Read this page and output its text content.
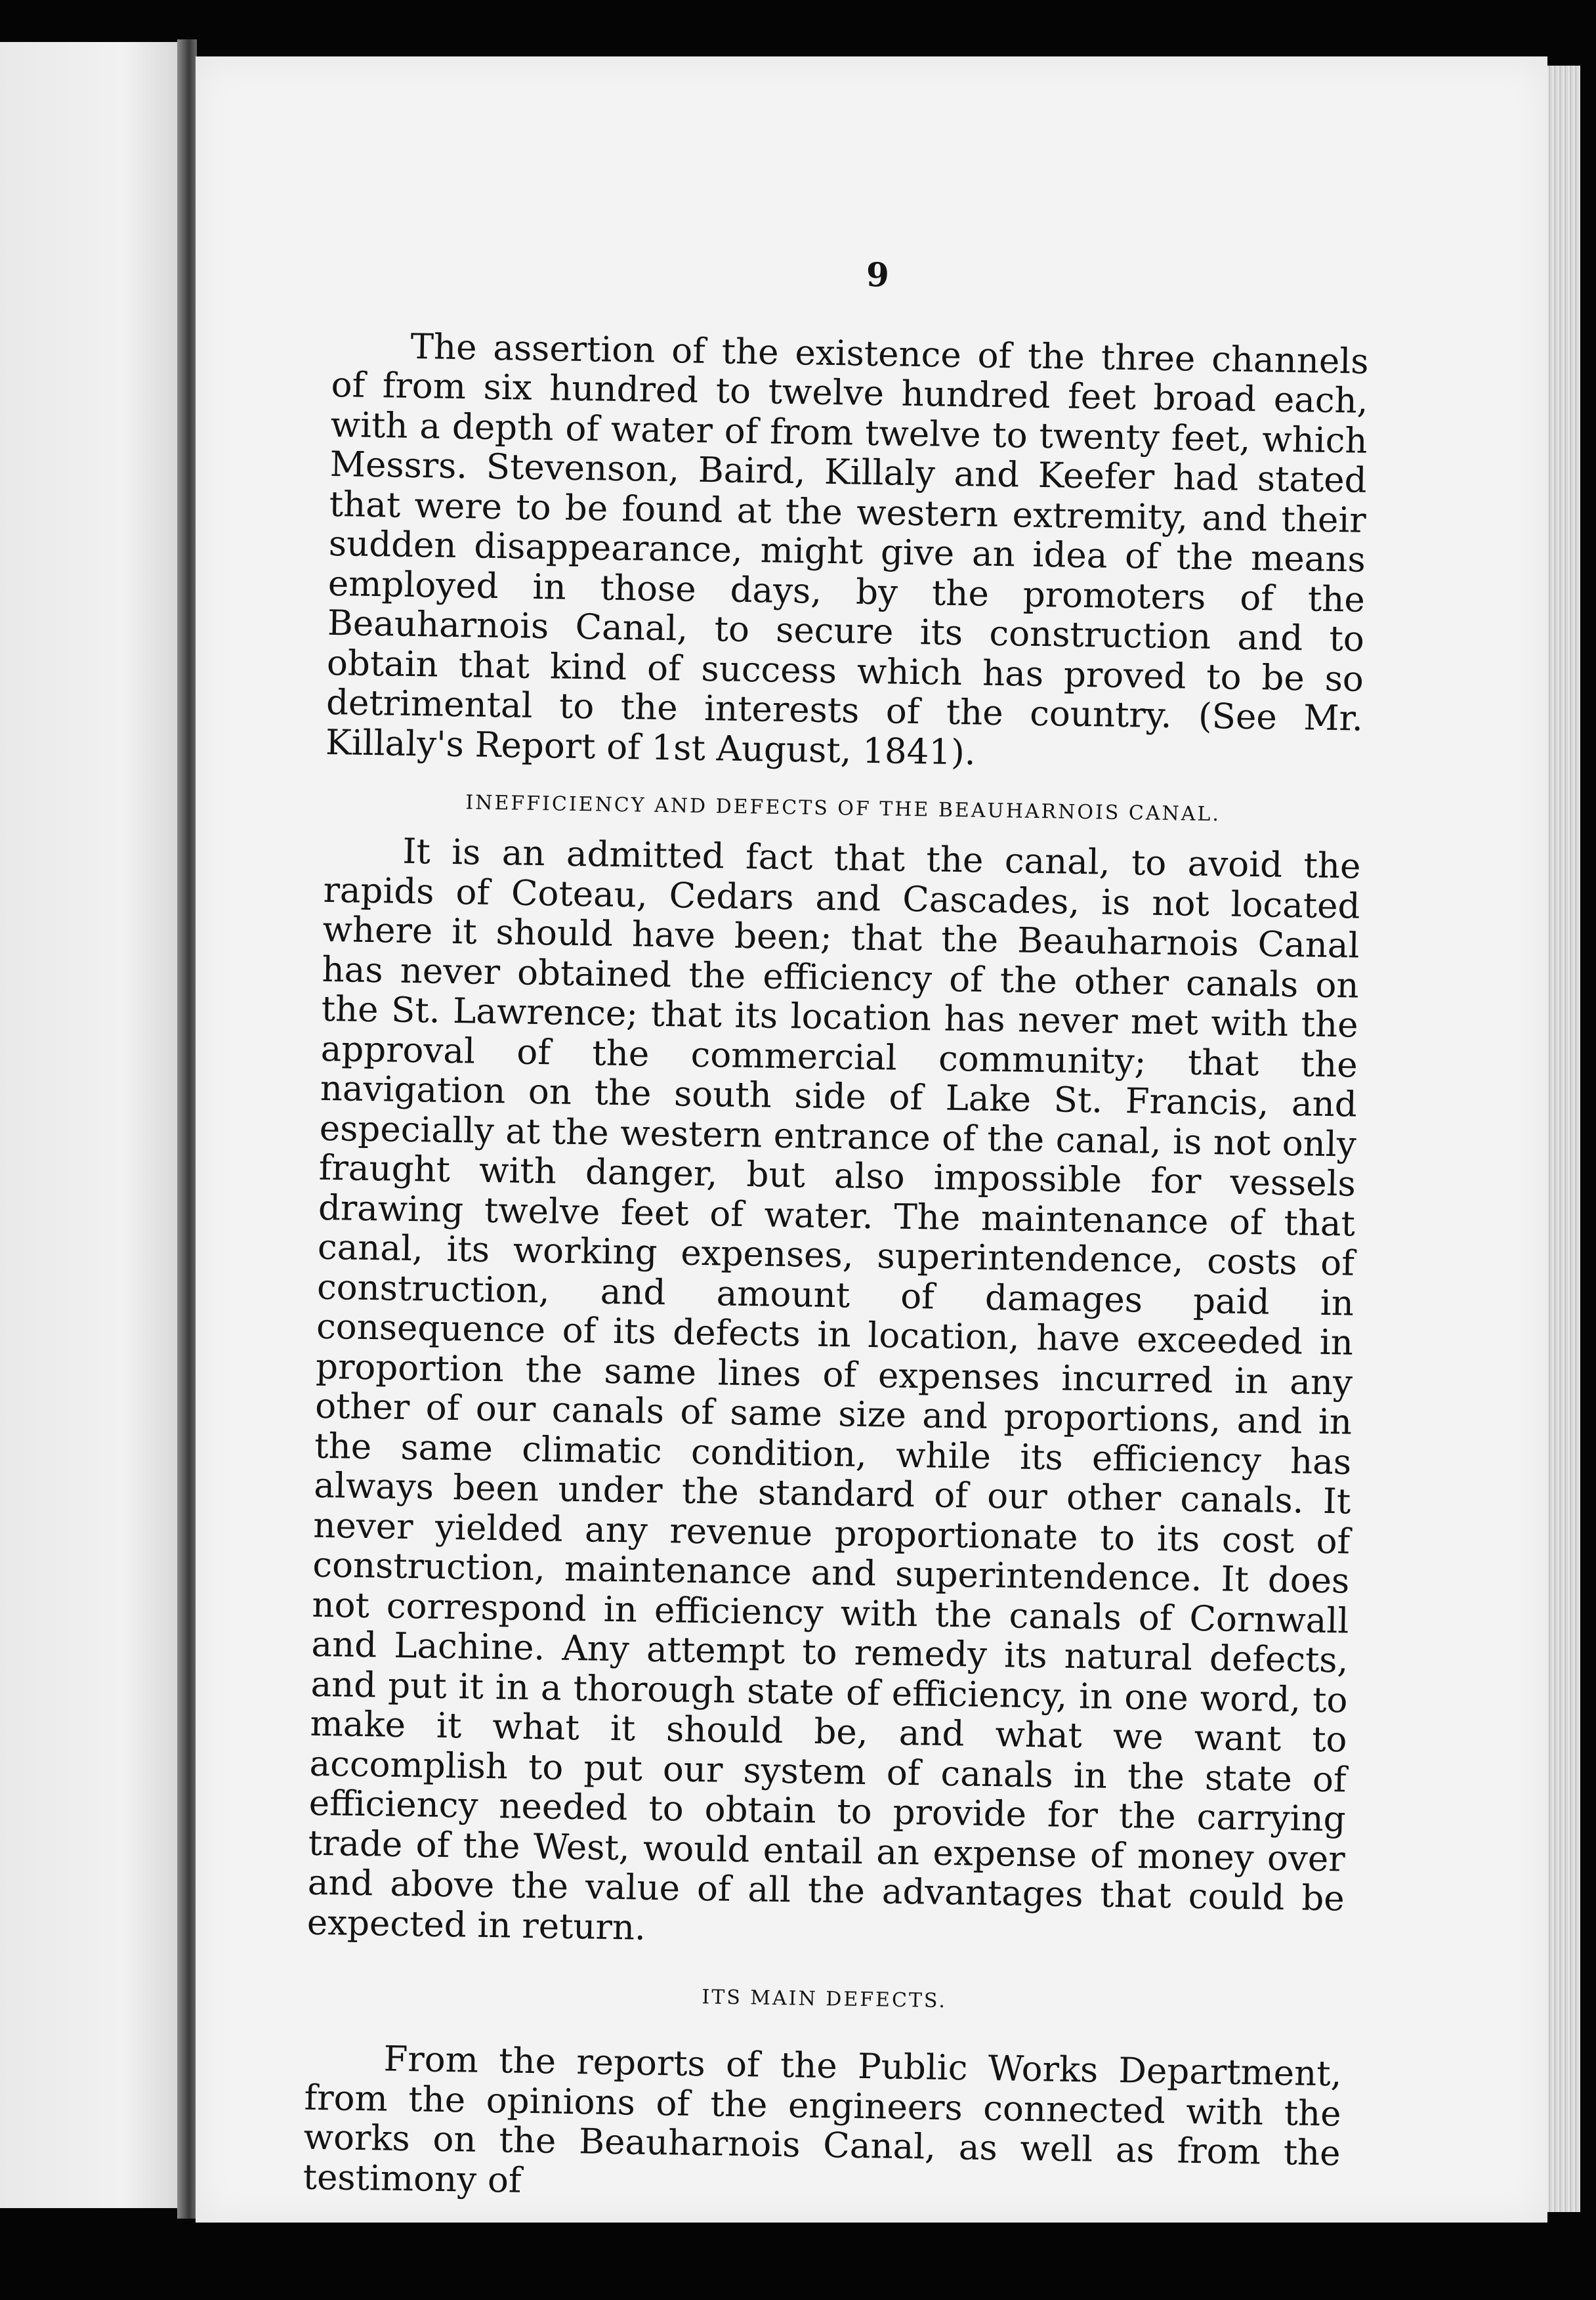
9

The assertion of the existence of the three channels of from six hundred to twelve hundred feet broad each, with a depth of water of from twelve to twenty feet, which Messrs. Stevenson, Baird, Killaly and Keefer had stated that were to be found at the western extremity, and their sudden disappearance, might give an idea of the means employed in those days, by the promoters of the Beauharnois Canal, to secure its construction and to obtain that kind of success which has proved to be so detrimental to the interests of the country. (See Mr. Killaly's Report of 1st August, 1841).

INEFFICIENCY AND DEFECTS OF THE BEAUHARNOIS CANAL.

It is an admitted fact that the canal, to avoid the rapids of Coteau, Cedars and Cascades, is not located where it should have been; that the Beauharnois Canal has never obtained the efficiency of the other canals on the St. Lawrence; that its location has never met with the approval of the commercial community; that the navigation on the south side of Lake St. Francis, and especially at the western entrance of the canal, is not only fraught with danger, but also impossible for vessels drawing twelve feet of water. The maintenance of that canal, its working expenses, superintendence, costs of construction, and amount of damages paid in consequence of its defects in location, have exceeded in proportion the same lines of expenses incurred in any other of our canals of same size and proportions, and in the same climatic condition, while its efficiency has always been under the standard of our other canals. It never yielded any revenue proportionate to its cost of construction, maintenance and superintendence. It does not correspond in efficiency with the canals of Cornwall and Lachine. Any attempt to remedy its natural defects, and put it in a thorough state of efficiency, in one word, to make it what it should be, and what we want to accomplish to put our system of canals in the state of efficiency needed to obtain to provide for the carrying trade of the West, would entail an expense of money over and above the value of all the advantages that could be expected in return.

ITS MAIN DEFECTS.

From the reports of the Public Works Department, from the opinions of the engineers connected with the works on the Beauharnois Canal, as well as from the testimony of
